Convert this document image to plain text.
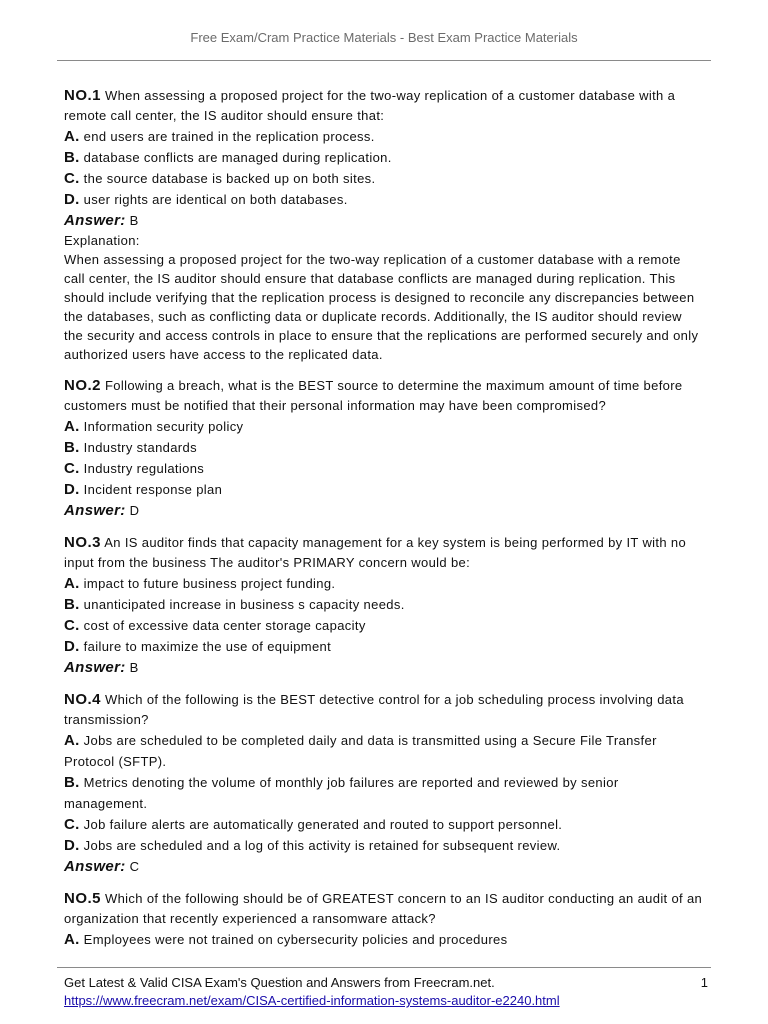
Free Exam/Cram Practice Materials - Best Exam Practice Materials
NO.1 When assessing a proposed project for the two-way replication of a customer database with a remote call center, the IS auditor should ensure that:
A. end users are trained in the replication process.
B. database conflicts are managed during replication.
C. the source database is backed up on both sites.
D. user rights are identical on both databases.
Answer: B
Explanation:
When assessing a proposed project for the two-way replication of a customer database with a remote call center, the IS auditor should ensure that database conflicts are managed during replication. This should include verifying that the replication process is designed to reconcile any discrepancies between the databases, such as conflicting data or duplicate records. Additionally, the IS auditor should review the security and access controls in place to ensure that the replications are performed securely and only authorized users have access to the replicated data.
NO.2 Following a breach, what is the BEST source to determine the maximum amount of time before customers must be notified that their personal information may have been compromised?
A. Information security policy
B. Industry standards
C. Industry regulations
D. Incident response plan
Answer: D
NO.3 An IS auditor finds that capacity management for a key system is being performed by IT with no input from the business The auditor's PRIMARY concern would be:
A. impact to future business project funding.
B. unanticipated increase in business s capacity needs.
C. cost of excessive data center storage capacity
D. failure to maximize the use of equipment
Answer: B
NO.4 Which of the following is the BEST detective control for a job scheduling process involving data transmission?
A. Jobs are scheduled to be completed daily and data is transmitted using a Secure File Transfer Protocol (SFTP).
B. Metrics denoting the volume of monthly job failures are reported and reviewed by senior management.
C. Job failure alerts are automatically generated and routed to support personnel.
D. Jobs are scheduled and a log of this activity is retained for subsequent review.
Answer: C
NO.5 Which of the following should be of GREATEST concern to an IS auditor conducting an audit of an organization that recently experienced a ransomware attack?
A. Employees were not trained on cybersecurity policies and procedures
Get Latest & Valid CISA Exam's Question and Answers from Freecram.net.	1
https://www.freecram.net/exam/CISA-certified-information-systems-auditor-e2240.html
